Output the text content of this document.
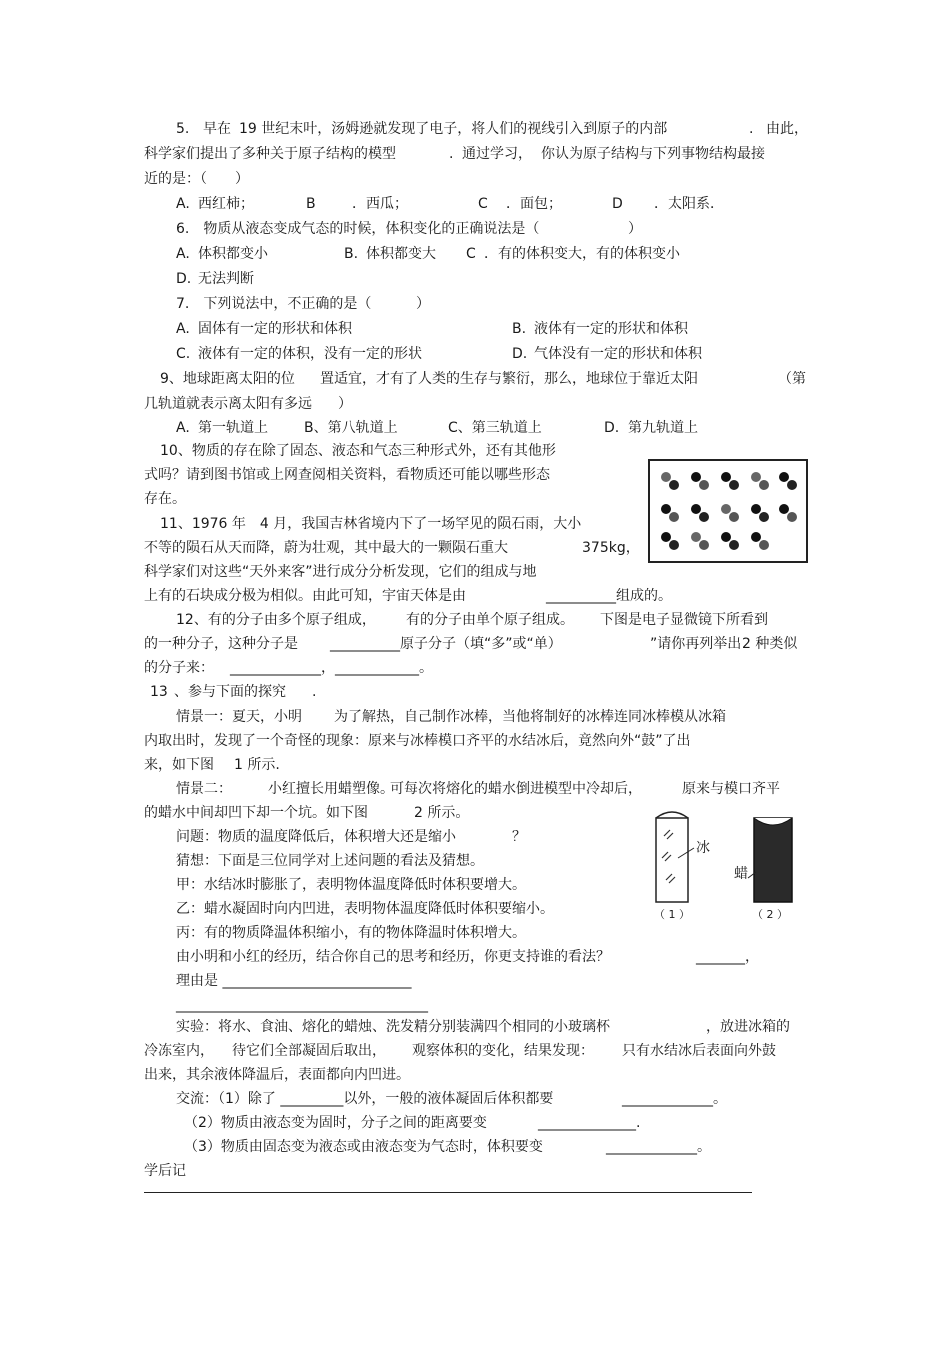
5. 早在 19 世纪末叶，汤姆逊就发现了电子，将人们的视线引入到原子的内部	. 由此，
科学家们提出了多种关于原子结构的模型	. 通过学习， 你认为原子结构与下列事物结构最接
近的是：（　　）
A. 西红柿；	B	．西瓜；	C ．面包；	D ．太阳系．
6.　物质从液态变成气态的时候，体积变化的正确说法是（	）
A. 体积都变小	B. 体积都变大 C ．有的体积变大，有的体积变小
D. 无法判断
7.　下列说法中，不正确的是（	）
A. 固体有一定的形状和体积	B. 液体有一定的形状和体积
C. 液体有一定的体积，没有一定的形状	D. 气体没有一定的形状和体积
9、地球距离太阳的位 置适宜，才有了人类的生存与繁衍，那么，地球位于靠近太阳	（第
几轨道就表示离太阳有多远 ）
A. 第一轨道上	B、第八轨道上	C、第三轨道上	D. 第九轨道上
10、物质的存在除了固态、液态和气态三种形式外，还有其他形
式吗？请到图书馆或上网查阅相关资料，看物质还可能以哪些形态
存在。
11、1976 年　4 月，我国吉林省境内下了一场罕见的陨石雨，大小
不等的陨石从天而降，蔚为壮观，其中最大的一颗陨石重大	375kg，
科学家们对这些“天外来客”进行成分分析发现，它们的组成与地
上有的石块成分极为相似。由此可知，宇宙天体是由	__________组成的。
12、有的分子由多个原子组成， 有的分子由单个原子组成。 下图是电子显微镜下所看到
的一种分子，这种分子是 __________原子分子（填“多”或“单）	”请你再列举出 2 种类似
的分子来： _____________，____________。
13 、参与下面的探究 .
情景一：夏天，小明 为了解热，自己制作冰棒，当他将制好的冰棒连同冰棒模从冰箱
内取出时，发现了一个奇怪的现象：原来与冰棒模口齐平的水结冰后，竟然向外“鼓”了出
来，如下图 1 所示.
情景二：	小红擅长用蜡塑像。
可每次将熔化的蜡水倒进模型中冷却后，	原来与模口齐平
的蜡水中间却凹下却一个坑。如下图	2 所示。
问题：物质的温度降低后，体积增大还是缩小	？
猜想：下面是三位同学对上述问题的看法及猜想。
甲：水结冰时膨胀了，表明物体温度降低时体积要增大。
乙：蜡水凝固时向内凹进，表明物体温度降低时体积要缩小。
丙：有的物质降温体积缩小，有的物体降温时体积增大。
由小明和小红的经历，结合你自己的思考和经历，你更支持谁的看法？	_______，
理由是 ___________________________
____________________________________
冰
蜡
（ 1 ）	（ 2 ）
实验：将水、食油、熔化的蜡烛、洗发精分别装满四个相同的小玻璃杯	，放进冰箱的
冷冻室内， 待它们全部凝固后取出， 观察体积的变化，结果发现： 只有水结冰后表面向外鼓
出来，其余液体降温后，表面都向内凹进。
交流：（1）除了 _________以外，一般的液体凝固后体积都要	_____________。
（2）物质由液态变为固时，分子之间的距离要变	______________.
（3）物质由固态变为液态或由液态变为气态时，体积要变	_____________。
学后记
